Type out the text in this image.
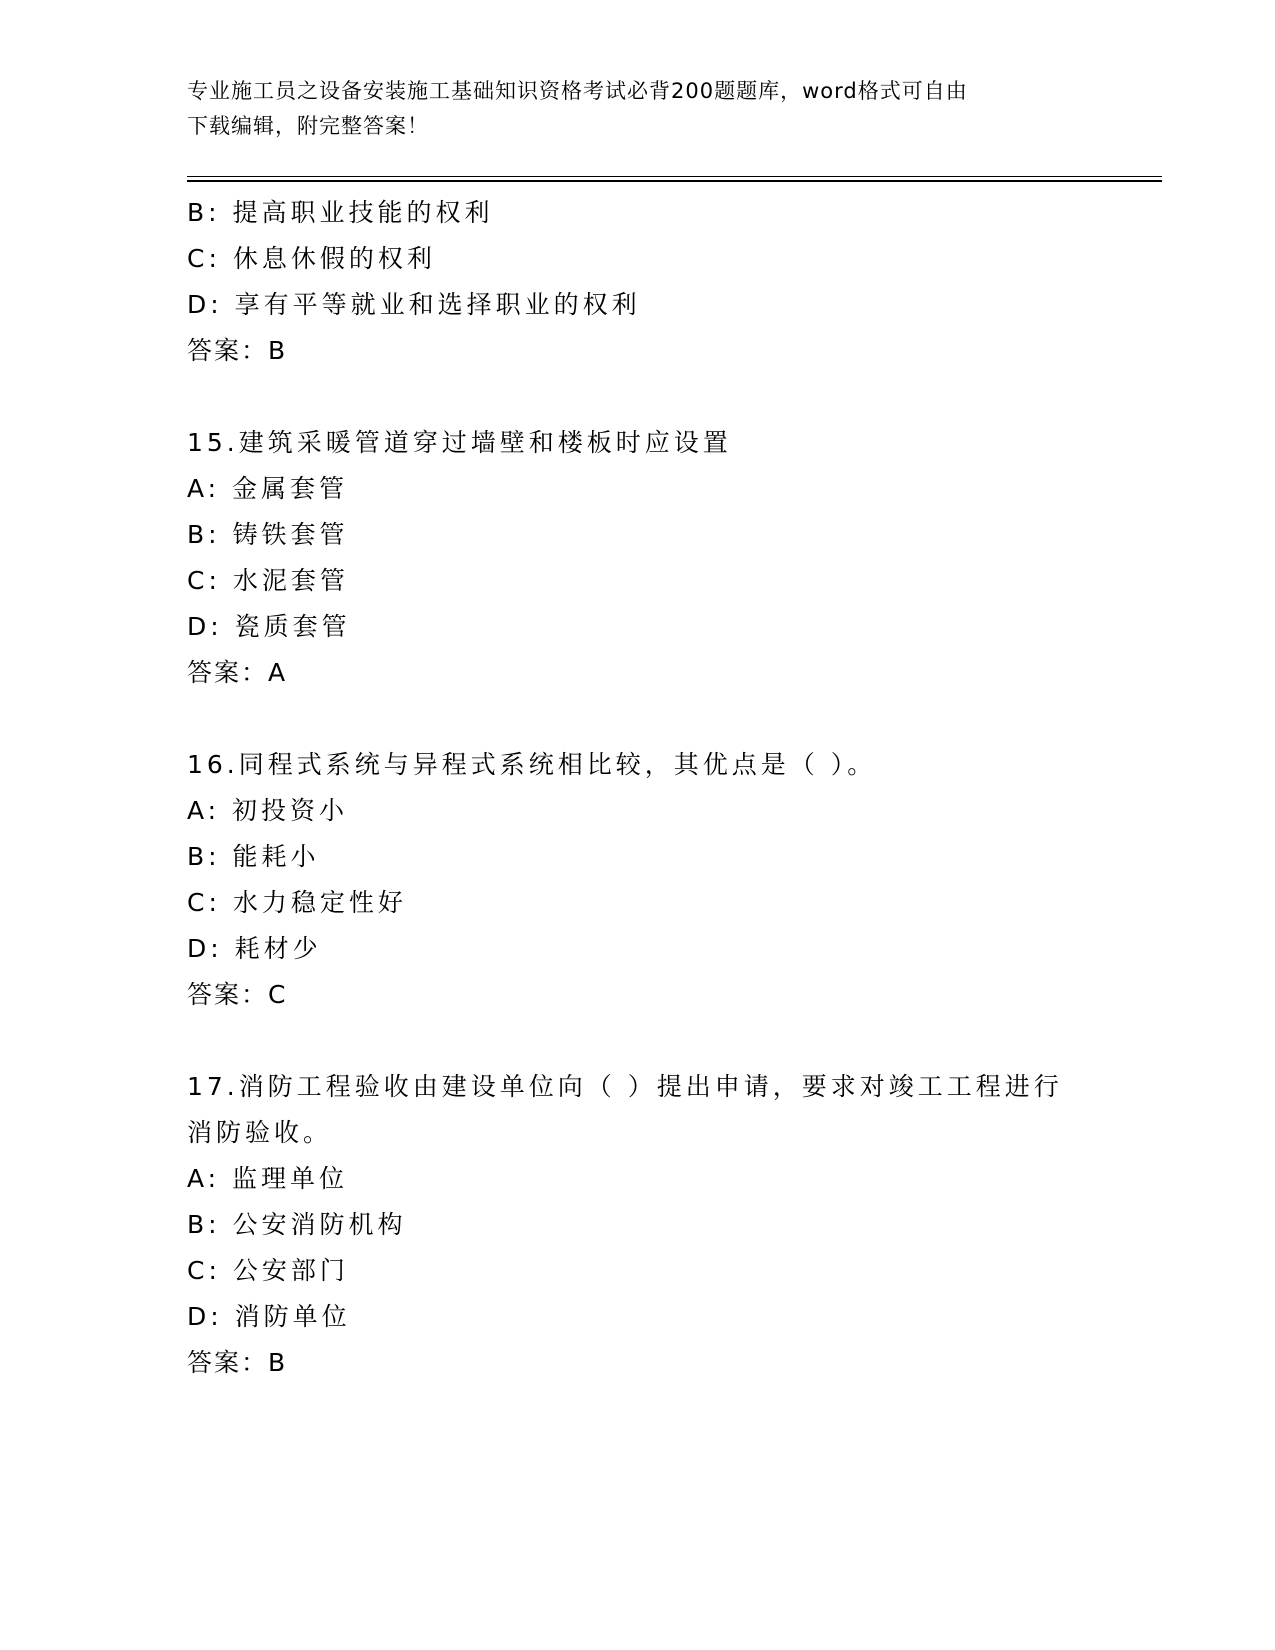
专业施工员之设备安装施工基础知识资格考试必背200题题库，word格式可自由
下载编辑，附完整答案！
B: 提高职业技能的权利
C: 休息休假的权利
D: 享有平等就业和选择职业的权利
答案：B
15.建筑采暖管道穿过墙壁和楼板时应设置
A: 金属套管
B: 铸铁套管
C: 水泥套管
D: 瓷质套管
答案：A
16.同程式系统与异程式系统相比较，其优点是（ ）。
A: 初投资小
B: 能耗小
C: 水力稳定性好
D: 耗材少
答案：C
17.消防工程验收由建设单位向（ ）提出申请，要求对竣工工程进行
消防验收。
A: 监理单位
B: 公安消防机构
C: 公安部门
D: 消防单位
答案：B
